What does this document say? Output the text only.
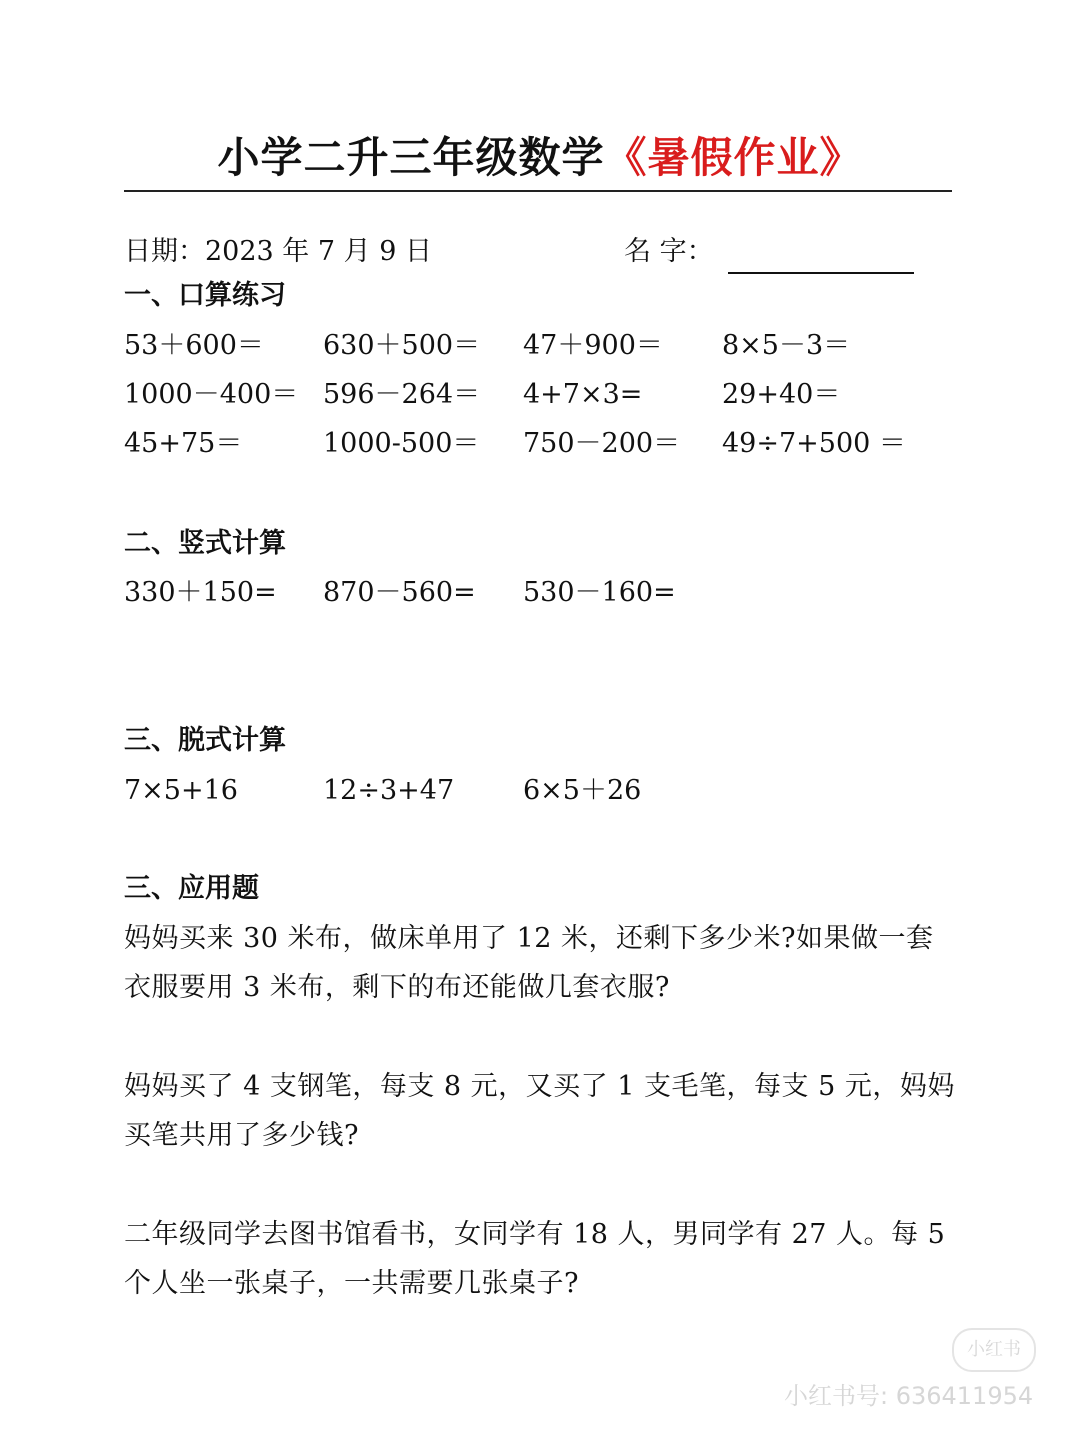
小学二升三年级数学《暑假作业》
日期：2023 年 7 月 9 日	名 字：
一、口算练习
53＋600＝ 630＋500＝ 47＋900＝ 8×5－3＝
1000－400＝ 596－264＝ 4+7×3=	29+40＝
45+75＝	1000-500＝ 750－200＝ 49÷7+500 ＝
二、竖式计算
330＋150= 870－560= 530－160=
三、脱式计算
7×5+16	12÷3+47	6×5＋26
三、应用题
妈妈买来 30 米布，做床单用了 12 米，还剩下多少米?如果做一套衣服要用 3 米布，剩下的布还能做几套衣服?
妈妈买了 4 支钢笔，每支 8 元，又买了 1 支毛笔，每支 5 元，妈妈买笔共用了多少钱?
二年级同学去图书馆看书，女同学有 18 人，男同学有 27 人。每 5 个人坐一张桌子，一共需要几张桌子?
小红书
小红书号: 636411954
